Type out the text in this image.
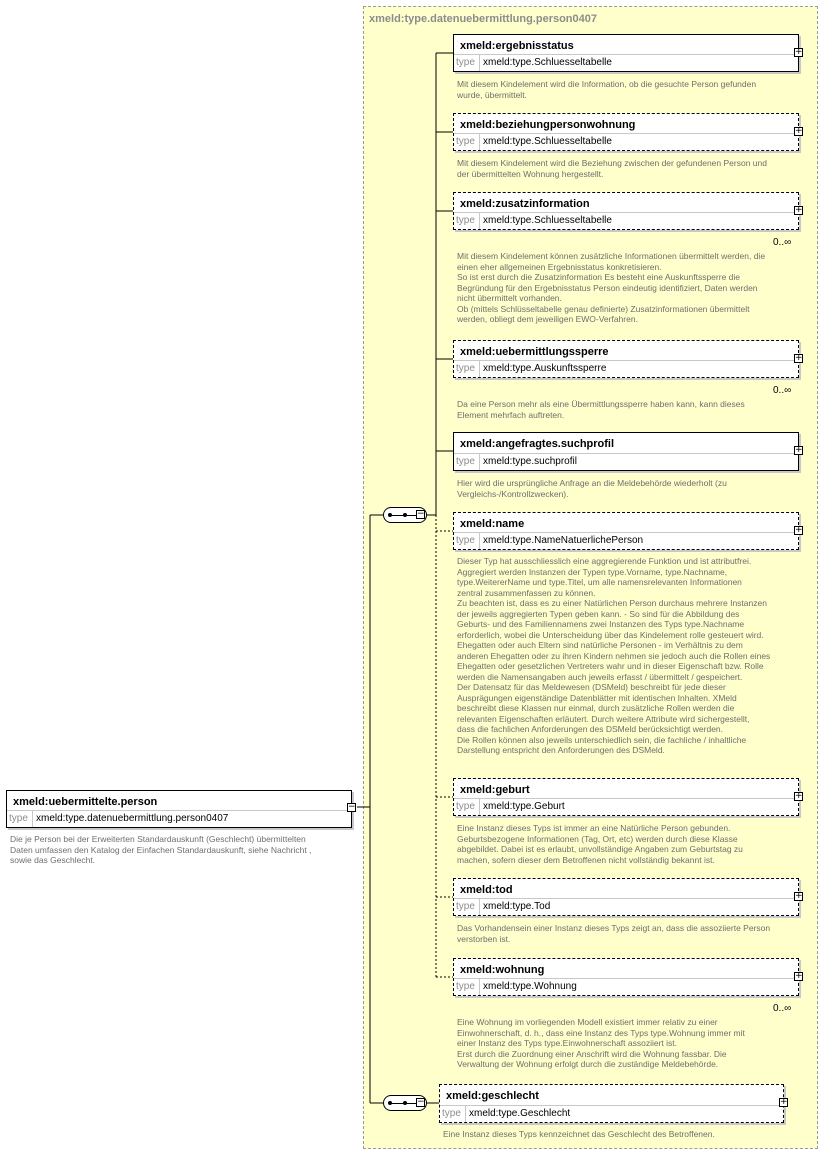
xmeld:type.datenuebermittlung.person0407
xmeld:uebermittelte.person
type xmeld:type.datenuebermittlung.person0407
−
Die je Person bei der Erweiterten Standardauskunft (Geschlecht) übermittelten
Daten umfassen den Katalog der Einfachen Standardauskunft, siehe Nachricht ,
sowie das Geschlecht.
−
−
xmeld:ergebnisstatus
type xmeld:type.Schluesseltabelle
+
Mit diesem Kindelement wird die Information, ob die gesuchte Person gefunden
wurde, übermittelt.
xmeld:beziehungpersonwohnung
type xmeld:type.Schluesseltabelle
+
Mit diesem Kindelement wird die Beziehung zwischen der gefundenen Person und
der übermittelten Wohnung hergestellt.
xmeld:zusatzinformation
type xmeld:type.Schluesseltabelle
+
0..∞
Mit diesem Kindelement können zusätzliche Informationen übermittelt werden, die
einen eher allgemeinen Ergebnisstatus konkretisieren.
So ist erst durch die Zusatzinformation Es besteht eine Auskunftssperre die
Begründung für den Ergebnisstatus Person eindeutig identifiziert, Daten werden
nicht übermittelt vorhanden.
Ob (mittels Schlüsseltabelle genau definierte) Zusatzinformationen übermittelt
werden, obliegt dem jeweiligen EWO-Verfahren.
xmeld:uebermittlungssperre
type xmeld:type.Auskunftssperre
+
0..∞
Da eine Person mehr als eine Übermittlungssperre haben kann, kann dieses
Element mehrfach auftreten.
xmeld:angefragtes.suchprofil
type xmeld:type.suchprofil
+
Hier wird die ursprüngliche Anfrage an die Meldebehörde wiederholt (zu
Vergleichs-/Kontrollzwecken).
xmeld:name
type xmeld:type.NameNatuerlichePerson
+
Dieser Typ hat ausschliesslich eine aggregierende Funktion und ist attributfrei.
Aggregiert werden Instanzen der Typen type.Vorname, type.Nachname,
type.WeitererName und type.Titel, um alle namensrelevanten Informationen
zentral zusammenfassen zu können.
Zu beachten ist, dass es zu einer Natürlichen Person durchaus mehrere Instanzen
der jeweils aggregierten Typen geben kann. - So sind für die Abbildung des
Geburts- und des Familiennamens zwei Instanzen des Typs type.Nachname
erforderlich, wobei die Unterscheidung über das Kindelement rolle gesteuert wird.
Ehegatten oder auch Eltern sind natürliche Personen - im Verhältnis zu dem
anderen Ehegatten oder zu ihren Kindern nehmen sie jedoch auch die Rollen eines
Ehegatten oder gesetzlichen Vertreters wahr und in dieser Eigenschaft bzw. Rolle
werden die Namensangaben auch jeweils erfasst / übermittelt / gespeichert.
Der Datensatz für das Meldewesen (DSMeld) beschreibt für jede dieser
Ausprägungen eigenständige Datenblätter mit identischen Inhalten. XMeld
beschreibt diese Klassen nur einmal, durch zusätzliche Rollen werden die
relevanten Eigenschaften erläutert. Durch weitere Attribute wird sichergestellt,
dass die fachlichen Anforderungen des DSMeld berücksichtigt werden.
Die Rollen können also jeweils unterschiedlich sein, die fachliche / inhaltliche
Darstellung entspricht den Anforderungen des DSMeld.
xmeld:geburt
type xmeld:type.Geburt
+
Eine Instanz dieses Typs ist immer an eine Natürliche Person gebunden.
Geburtsbezogene Informationen (Tag, Ort, etc) werden durch diese Klasse
abgebildet. Dabei ist es erlaubt, unvollständige Angaben zum Geburtstag zu
machen, sofern dieser dem Betroffenen nicht vollständig bekannt ist.
xmeld:tod
type xmeld:type.Tod
+
Das Vorhandensein einer Instanz dieses Typs zeigt an, dass die assoziierte Person
verstorben ist.
xmeld:wohnung
type xmeld:type.Wohnung
+
0..∞
Eine Wohnung im vorliegenden Modell existiert immer relativ zu einer
Einwohnerschaft, d. h., dass eine Instanz des Typs type.Wohnung immer mit
einer Instanz des Typs type.Einwohnerschaft assoziiert ist.
Erst durch die Zuordnung einer Anschrift wird die Wohnung fassbar. Die
Verwaltung der Wohnung erfolgt durch die zuständige Meldebehörde.
xmeld:geschlecht
type xmeld:type.Geschlecht
+
Eine Instanz dieses Typs kennzeichnet das Geschlecht des Betroffenen.
